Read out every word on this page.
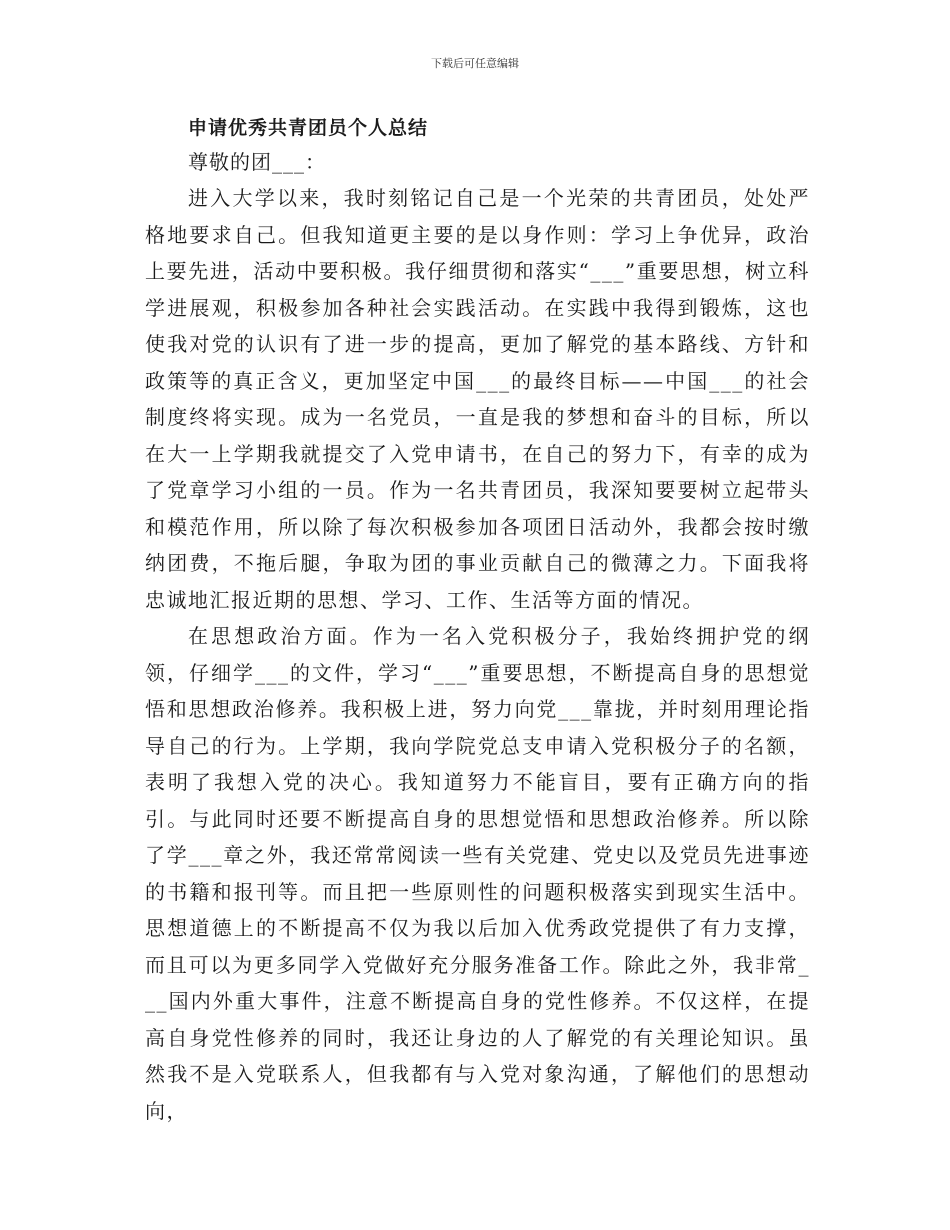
下载后可任意编辑
申请优秀共青团员个人总结

尊敬的团___：

进入大学以来，我时刻铭记自己是一个光荣的共青团员，处处严格地要求自己。但我知道更主要的是以身作则：学习上争优异，政治上要先进，活动中要积极。我仔细贯彻和落实“___”重要思想，树立科学进展观，积极参加各种社会实践活动。在实践中我得到锻炼，这也使我对党的认识有了进一步的提高，更加了解党的基本路线、方针和政策等的真正含义，更加坚定中国___的最终目标——中国___的社会制度终将实现。成为一名党员，一直是我的梦想和奋斗的目标，所以在大一上学期我就提交了入党申请书，在自己的努力下，有幸的成为了党章学习小组的一员。作为一名共青团员，我深知要要树立起带头和模范作用，所以除了每次积极参加各项团日活动外，我都会按时缴纳团费，不拖后腿，争取为团的事业贡献自己的微薄之力。下面我将忠诚地汇报近期的思想、学习、工作、生活等方面的情况。

在思想政治方面。作为一名入党积极分子，我始终拥护党的纲领，仔细学___的文件，学习“___”重要思想，不断提高自身的思想觉悟和思想政治修养。我积极上进，努力向党___靠拢，并时刻用理论指导自己的行为。上学期，我向学院党总支申请入党积极分子的名额，表明了我想入党的决心。我知道努力不能盲目，要有正确方向的指引。与此同时还要不断提高自身的思想觉悟和思想政治修养。所以除了学___章之外，我还常常阅读一些有关党建、党史以及党员先进事迹的书籍和报刊等。而且把一些原则性的问题积极落实到现实生活中。思想道德上的不断提高不仅为我以后加入优秀政党提供了有力支撑，而且可以为更多同学入党做好充分服务准备工作。除此之外，我非常___国内外重大事件，注意不断提高自身的党性修养。不仅这样，在提高自身党性修养的同时，我还让身边的人了解党的有关理论知识。虽然我不是入党联系人，但我都有与入党对象沟通，了解他们的思想动向，
